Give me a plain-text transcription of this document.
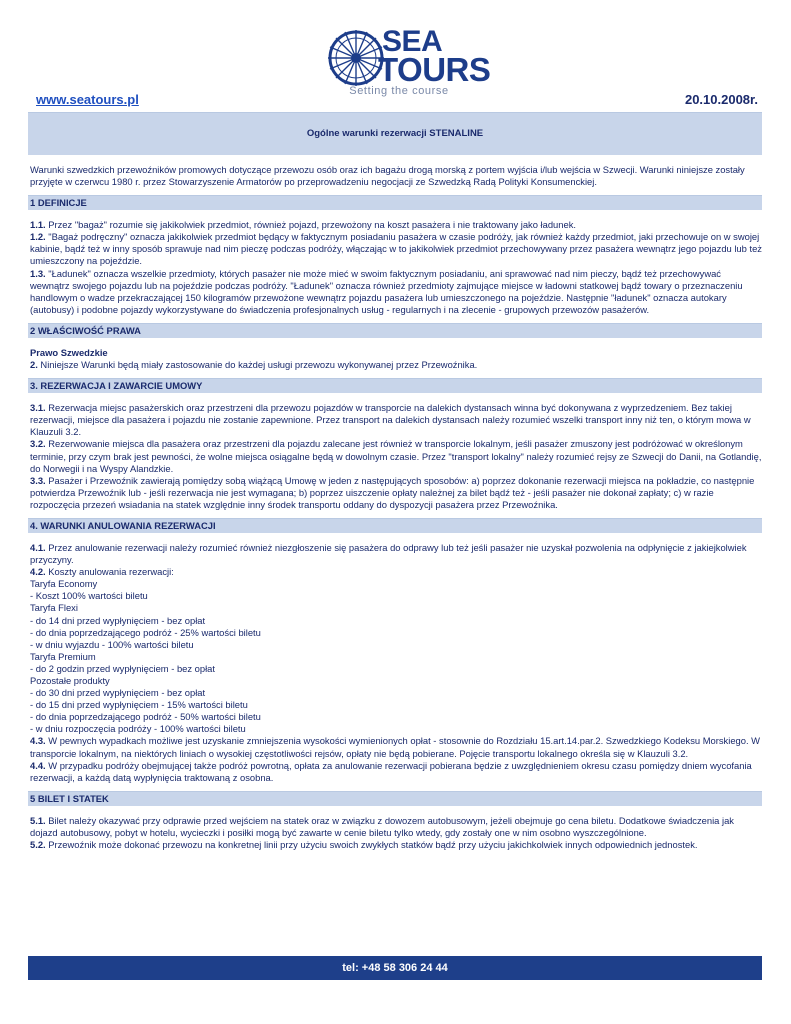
SEA
TOURS
Setting the course
www.seatours.pl	20.10.2008r.
Ogólne warunki rezerwacji STENALINE

Warunki szwedzkich przewoźników promowych dotyczące przewozu osób oraz ich bagażu drogą morską z portem wyjścia i/lub wejścia w Szwecji. Warunki niniejsze zostały przyjęte w czerwcu 1980 r. przez Stowarzyszenie Armatorów po przeprowadzeniu negocjacji ze Szwedzką Radą Polityki Konsumenckiej.

1 DEFINICJE

1.1. Przez "bagaż" rozumie się jakikolwiek przedmiot, również pojazd, przewożony na koszt pasażera i nie traktowany jako ładunek.

1.2. "Bagaż podręczny" oznacza jakikolwiek przedmiot będący w faktycznym posiadaniu pasażera w czasie podróży, jak również każdy przedmiot, jaki przechowuje on w swojej kabinie, bądź też w inny sposób sprawuje nad nim pieczę podczas podróży, włączając w to jakikolwiek przedmiot przechowywany przez pasażera wewnątrz jego pojazdu lub też umieszczony na pojeździe.

1.3. "Ładunek" oznacza wszelkie przedmioty, których pasażer nie może mieć w swoim faktycznym posiadaniu, ani sprawować nad nim pieczy, bądź też przechowywać wewnątrz swojego pojazdu lub na pojeździe podczas podróży. "Ładunek" oznacza również przedmioty zajmujące miejsce w ładowni statkowej bądź towary o przeznaczeniu handlowym o wadze przekraczającej 150 kilogramów przewożone wewnątrz pojazdu pasażera lub umieszczonego na pojeździe. Następnie "ładunek" oznacza autokary (autobusy) i podobne pojazdy wykorzystywane do świadczenia profesjonalnych usług - regularnych i na zlecenie - grupowych przewozów pasażerów.

2 WŁAŚCIWOŚĆ PRAWA

Prawo Szwedzkie

2. Niniejsze Warunki będą miały zastosowanie do każdej usługi przewozu wykonywanej przez Przewoźnika.

3. REZERWACJA I ZAWARCIE UMOWY

3.1. Rezerwacja miejsc pasażerskich oraz przestrzeni dla przewozu pojazdów w transporcie na dalekich dystansach winna być dokonywana z wyprzedzeniem. Bez takiej rezerwacji, miejsce dla pasażera i pojazdu nie zostanie zapewnione. Przez transport na dalekich dystansach należy rozumieć wszelki transport inny niż ten, o którym mowa w Klauzuli 3.2.

3.2. Rezerwowanie miejsca dla pasażera oraz przestrzeni dla pojazdu zalecane jest również w transporcie lokalnym, jeśli pasażer zmuszony jest podróżować w określonym terminie, przy czym brak jest pewności, że wolne miejsca osiągalne będą w dowolnym czasie. Przez "transport lokalny" należy rozumieć rejsy ze Szwecji do Danii, na Gotlandię, do Norwegii i na Wyspy Alandzkie.

3.3. Pasażer i Przewoźnik zawierają pomiędzy sobą wiążącą Umowę w jeden z następujących sposobów: a) poprzez dokonanie rezerwacji miejsca na pokładzie, co następnie potwierdza Przewoźnik lub - jeśli rezerwacja nie jest wymagana; b) poprzez uiszczenie opłaty należnej za bilet bądź też - jeśli pasażer nie dokonał zapłaty; c) w razie rozpoczęcia przezeń wsiadania na statek względnie inny środek transportu oddany do dyspozycji pasażera przez Przewoźnika.

4. WARUNKI ANULOWANIA REZERWACJI

4.1. Przez anulowanie rezerwacji należy rozumieć również niezgłoszenie się pasażera do odprawy lub też jeśli pasażer nie uzyskał pozwolenia na odpłynięcie z jakiejkolwiek przyczyny.

4.2. Koszty anulowania rezerwacji:

Taryfa Economy

- Koszt 100% wartości biletu

Taryfa Flexi

- do 14 dni przed wypłynięciem - bez opłat

- do dnia poprzedzającego podróż - 25% wartości biletu

- w dniu wyjazdu - 100% wartości biletu

Taryfa Premium

- do 2 godzin przed wypłynięciem - bez opłat

Pozostałe produkty

- do 30 dni przed wypłynięciem - bez opłat

- do 15 dni przed wypłynięciem - 15% wartości biletu

- do dnia poprzedzającego podróż - 50% wartości biletu

- w dniu rozpoczęcia podróży - 100% wartości biletu

4.3. W pewnych wypadkach możliwe jest uzyskanie zmniejszenia wysokości wymienionych opłat - stosownie do Rozdziału 15.art.14.par.2. Szwedzkiego Kodeksu Morskiego. W transporcie lokalnym, na niektórych liniach o wysokiej częstotliwości rejsów, opłaty nie będą pobierane. Pojęcie transportu lokalnego określa się w Klauzuli 3.2.

4.4. W przypadku podróży obejmującej także podróż powrotną, opłata za anulowanie rezerwacji pobierana będzie z uwzględnieniem okresu czasu pomiędzy dniem wycofania rezerwacji, a każdą datą wypłynięcia traktowaną z osobna.

5 BILET I STATEK

5.1. Bilet należy okazywać przy odprawie przed wejściem na statek oraz w związku z dowozem autobusowym, jeżeli obejmuje go cena biletu. Dodatkowe świadczenia jak dojazd autobusowy, pobyt w hotelu, wycieczki i posiłki mogą być zawarte w cenie biletu tylko wtedy, gdy zostały one w nim osobno wyszczególnione.

5.2. Przewoźnik może dokonać przewozu na konkretnej linii przy użyciu swoich zwykłych statków bądź przy użyciu jakichkolwiek innych odpowiednich jednostek.

tel: +48 58 306 24 44
